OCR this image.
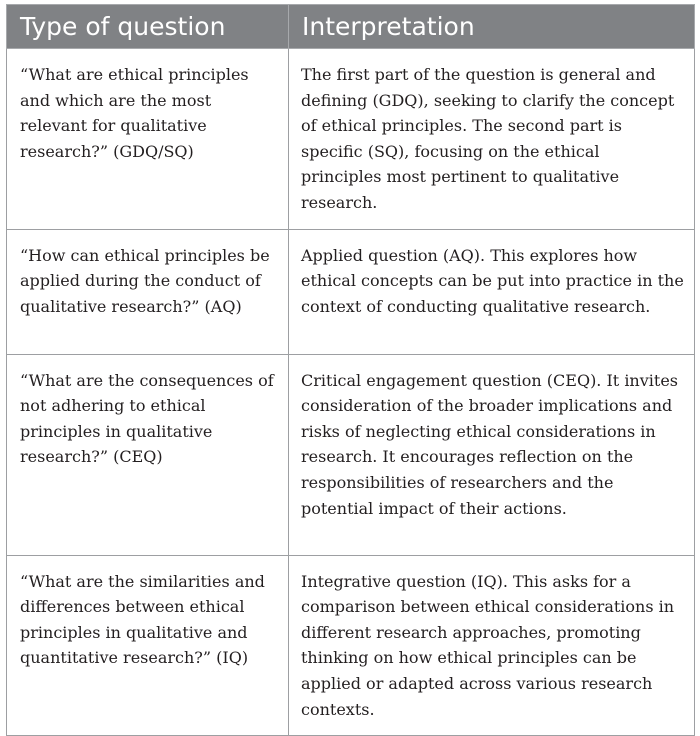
Type of question	Interpretation
“What are ethical principles and which are the most relevant for qualitative research?” (GDQ/SQ)	The first part of the question is general and defining (GDQ), seeking to clarify the concept of ethical principles. The second part is specific (SQ), focusing on the ethical principles most pertinent to qualitative research.
“How can ethical principles be applied during the conduct of qualitative research?” (AQ)	Applied question (AQ). This explores how ethical concepts can be put into practice in the context of conducting qualitative research.
“What are the consequences of not adhering to ethical principles in qualitative research?” (CEQ)	Critical engagement question (CEQ). It invites consideration of the broader implications and risks of neglecting ethical considerations in research. It encourages reflection on the responsibilities of researchers and the potential impact of their actions.
“What are the similarities and differences between ethical principles in qualitative and quantitative research?” (IQ)	Integrative question (IQ). This asks for a comparison between ethical considerations in different research approaches, promoting thinking on how ethical principles can be applied or adapted across various research contexts.
